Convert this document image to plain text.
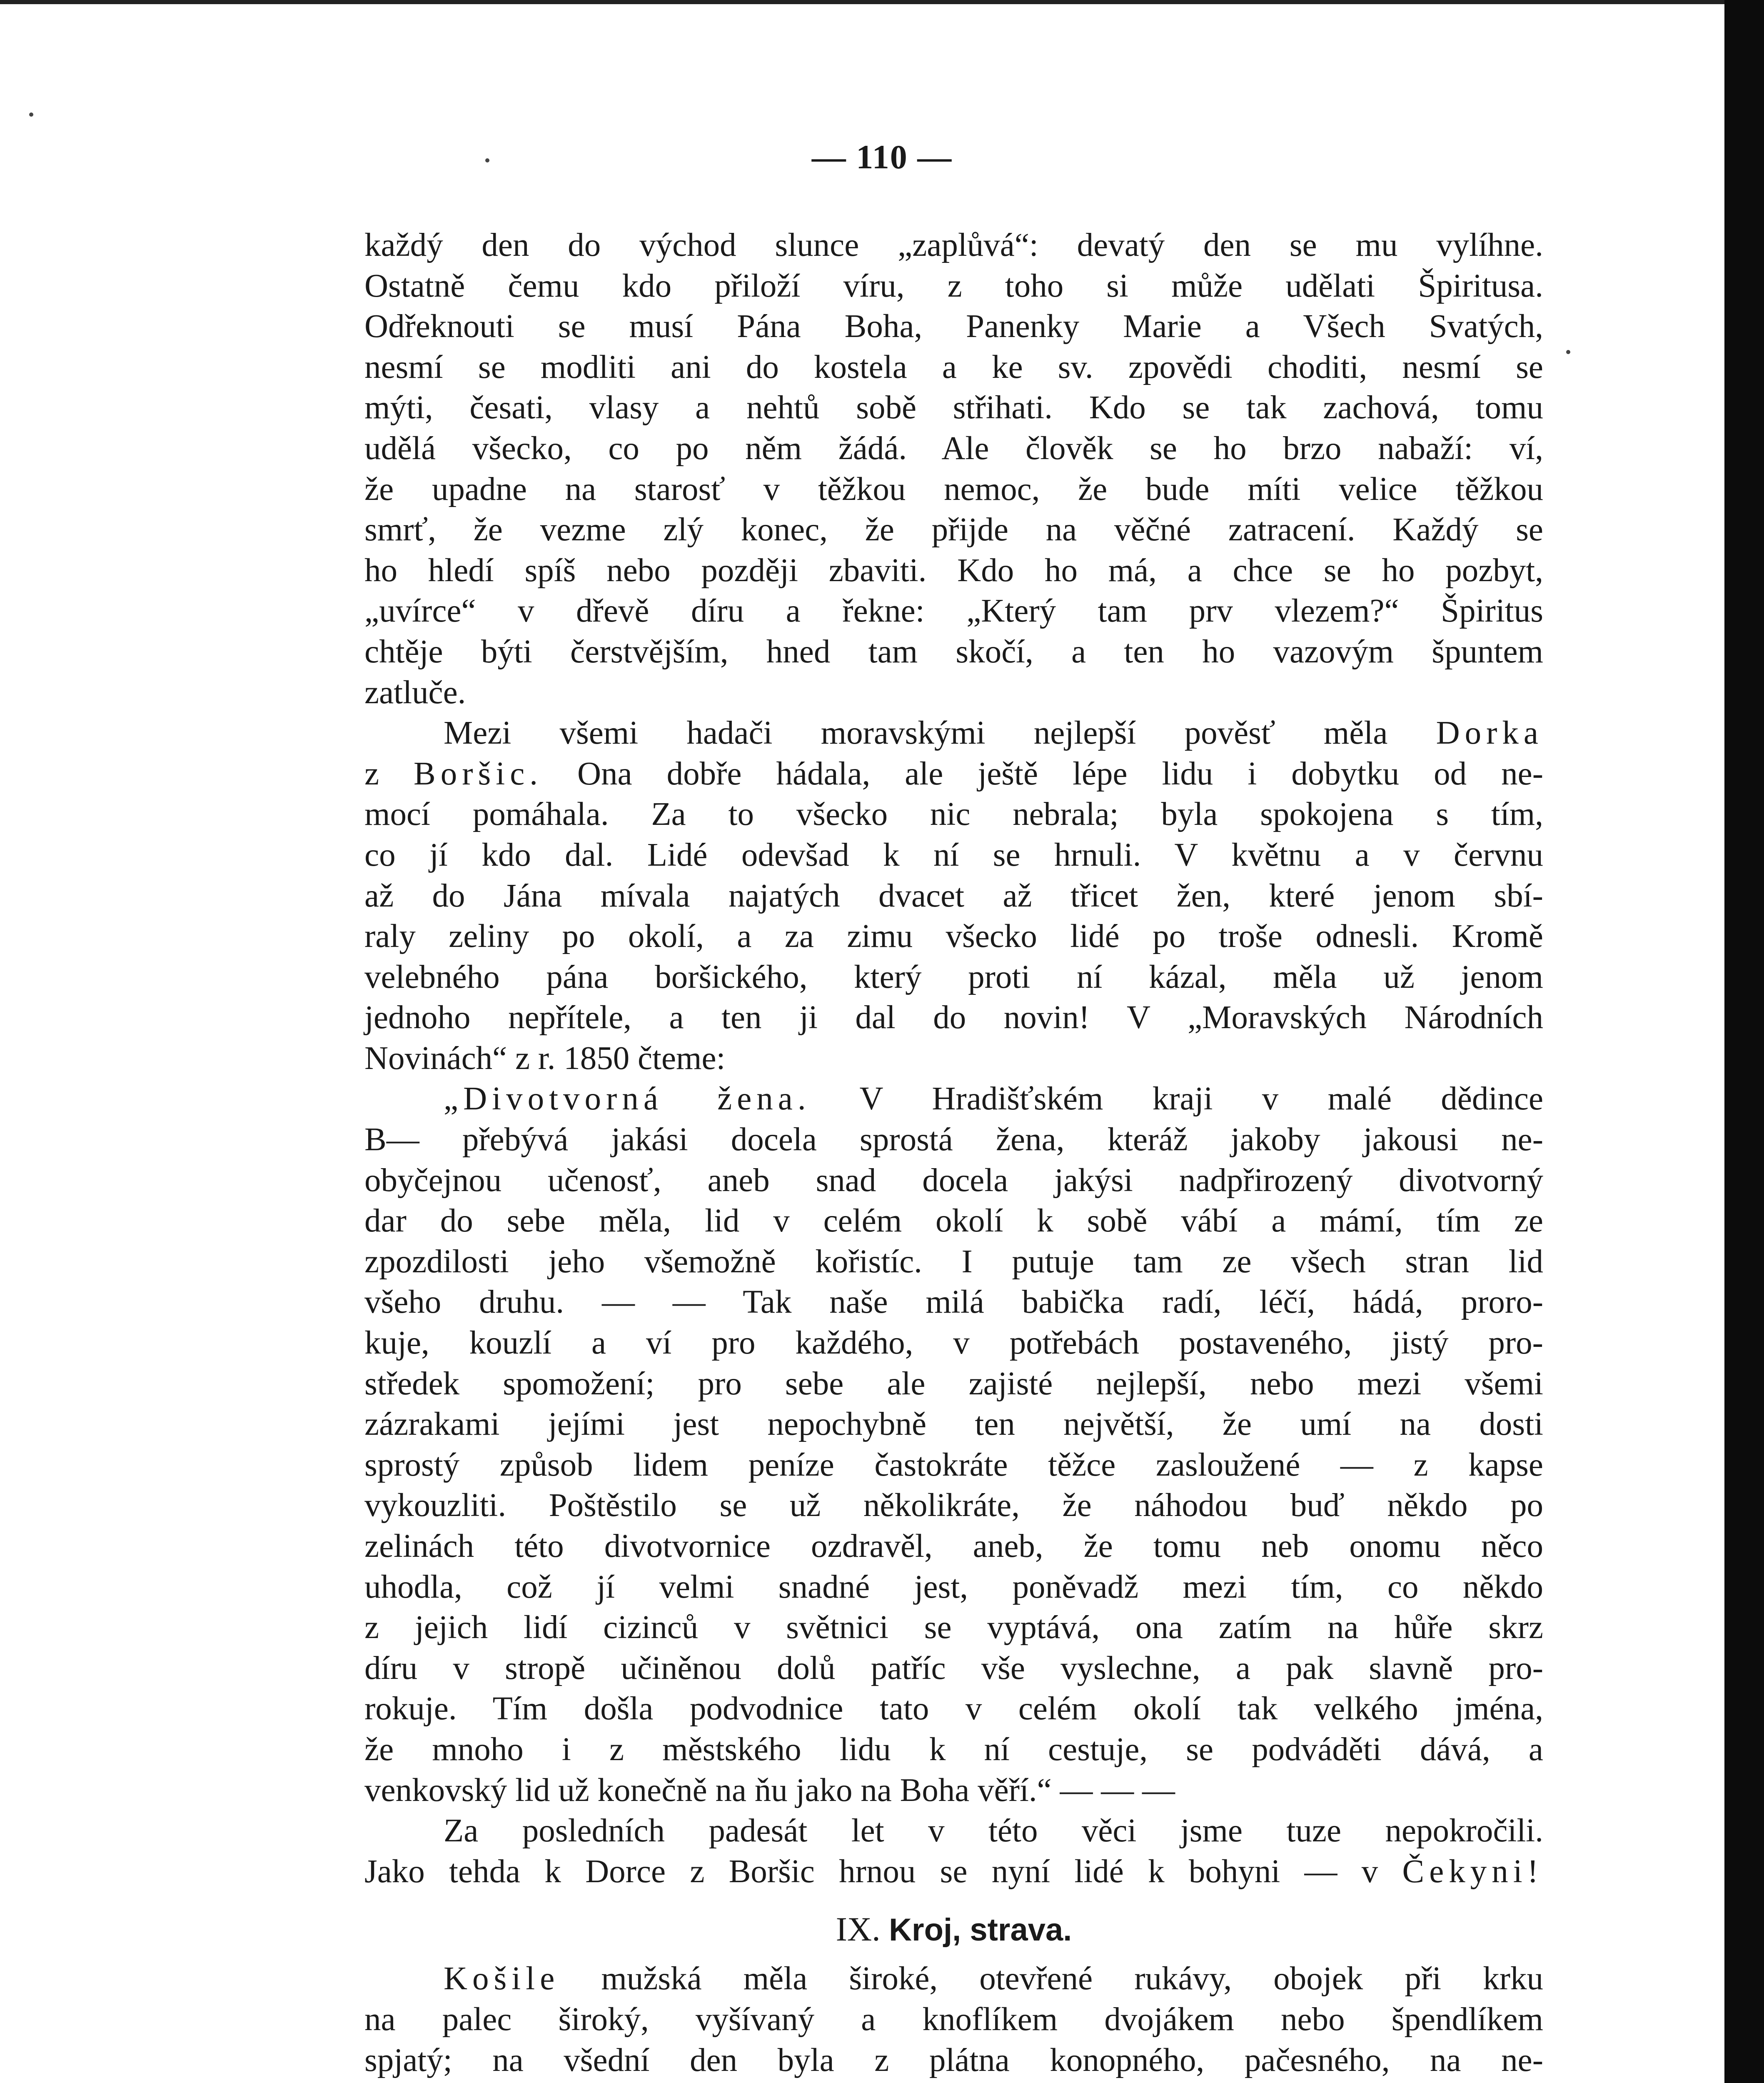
— 110 —
každý den do východ slunce „zaplůvá“: devatý den se mu vylíhne.
Ostatně čemu kdo přiloží víru, z toho si může udělati Špiritusa.
Odřeknouti se musí Pána Boha, Panenky Marie a Všech Svatých,
nesmí se modliti ani do kostela a ke sv. zpovědi choditi, nesmí se
mýti, česati, vlasy a nehtů sobě střihati. Kdo se tak zachová, tomu
udělá všecko, co po něm žádá. Ale člověk se ho brzo nabaží: ví,
že upadne na starosť v těžkou nemoc, že bude míti velice těžkou
smrť, že vezme zlý konec, že přijde na věčné zatracení. Každý se
ho hledí spíš nebo později zbaviti. Kdo ho má, a chce se ho pozbyt,
„uvírce“ v dřevě díru a řekne: „Který tam prv vlezem?“ Špiritus
chtěje býti čerstvějším, hned tam skočí, a ten ho vazovým špuntem
zatluče.
Mezi všemi hadači moravskými nejlepší pověsť měla Dorka
z Boršic. Ona dobře hádala, ale ještě lépe lidu i dobytku od ne-
mocí pomáhala. Za to všecko nic nebrala; byla spokojena s tím,
co jí kdo dal. Lidé odevšad k ní se hrnuli. V květnu a v červnu
až do Jána mívala najatých dvacet až třicet žen, které jenom sbí-
raly zeliny po okolí, a za zimu všecko lidé po troše odnesli. Kromě
velebného pána boršického, který proti ní kázal, měla už jenom
jednoho nepřítele, a ten ji dal do novin! V „Moravských Národních
Novinách“ z r. 1850 čteme:
„Divotvorná žena. V Hradišťském kraji v malé dědince
B— přebývá jakási docela sprostá žena, kteráž jakoby jakousi ne-
obyčejnou učenosť, aneb snad docela jakýsi nadpřirozený divotvorný
dar do sebe měla, lid v celém okolí k sobě vábí a mámí, tím ze
zpozdilosti jeho všemožně kořistíc. I putuje tam ze všech stran lid
všeho druhu. — — Tak naše milá babička radí, léčí, hádá, proro-
kuje, kouzlí a ví pro každého, v potřebách postaveného, jistý pro-
středek spomožení; pro sebe ale zajisté nejlepší, nebo mezi všemi
zázrakami jejími jest nepochybně ten největší, že umí na dosti
sprostý způsob lidem peníze častokráte těžce zasloužené — z kapse
vykouzliti. Poštěstilo se už několikráte, že náhodou buď někdo po
zelinách této divotvornice ozdravěl, aneb, že tomu neb onomu něco
uhodla, což jí velmi snadné jest, poněvadž mezi tím, co někdo
z jejich lidí cizinců v světnici se vyptává, ona zatím na hůře skrz
díru v stropě učiněnou dolů patříc vše vyslechne, a pak slavně pro-
rokuje. Tím došla podvodnice tato v celém okolí tak velkého jména,
že mnoho i z městského lidu k ní cestuje, se podváděti dává, a
venkovský lid už konečně na ňu jako na Boha věří.“ — — —
Za posledních padesát let v této věci jsme tuze nepokročili.
Jako tehda k Dorce z Boršic hrnou se nyní lidé k bohyni — v Čekyni!
IX. Kroj, strava.
Košile mužská měla široké, otevřené rukávy, obojek při krku
na palec široký, vyšívaný a knoflíkem dvojákem nebo špendlíkem
spjatý; na všední den byla z plátna konopného, pačesného, na ne-
